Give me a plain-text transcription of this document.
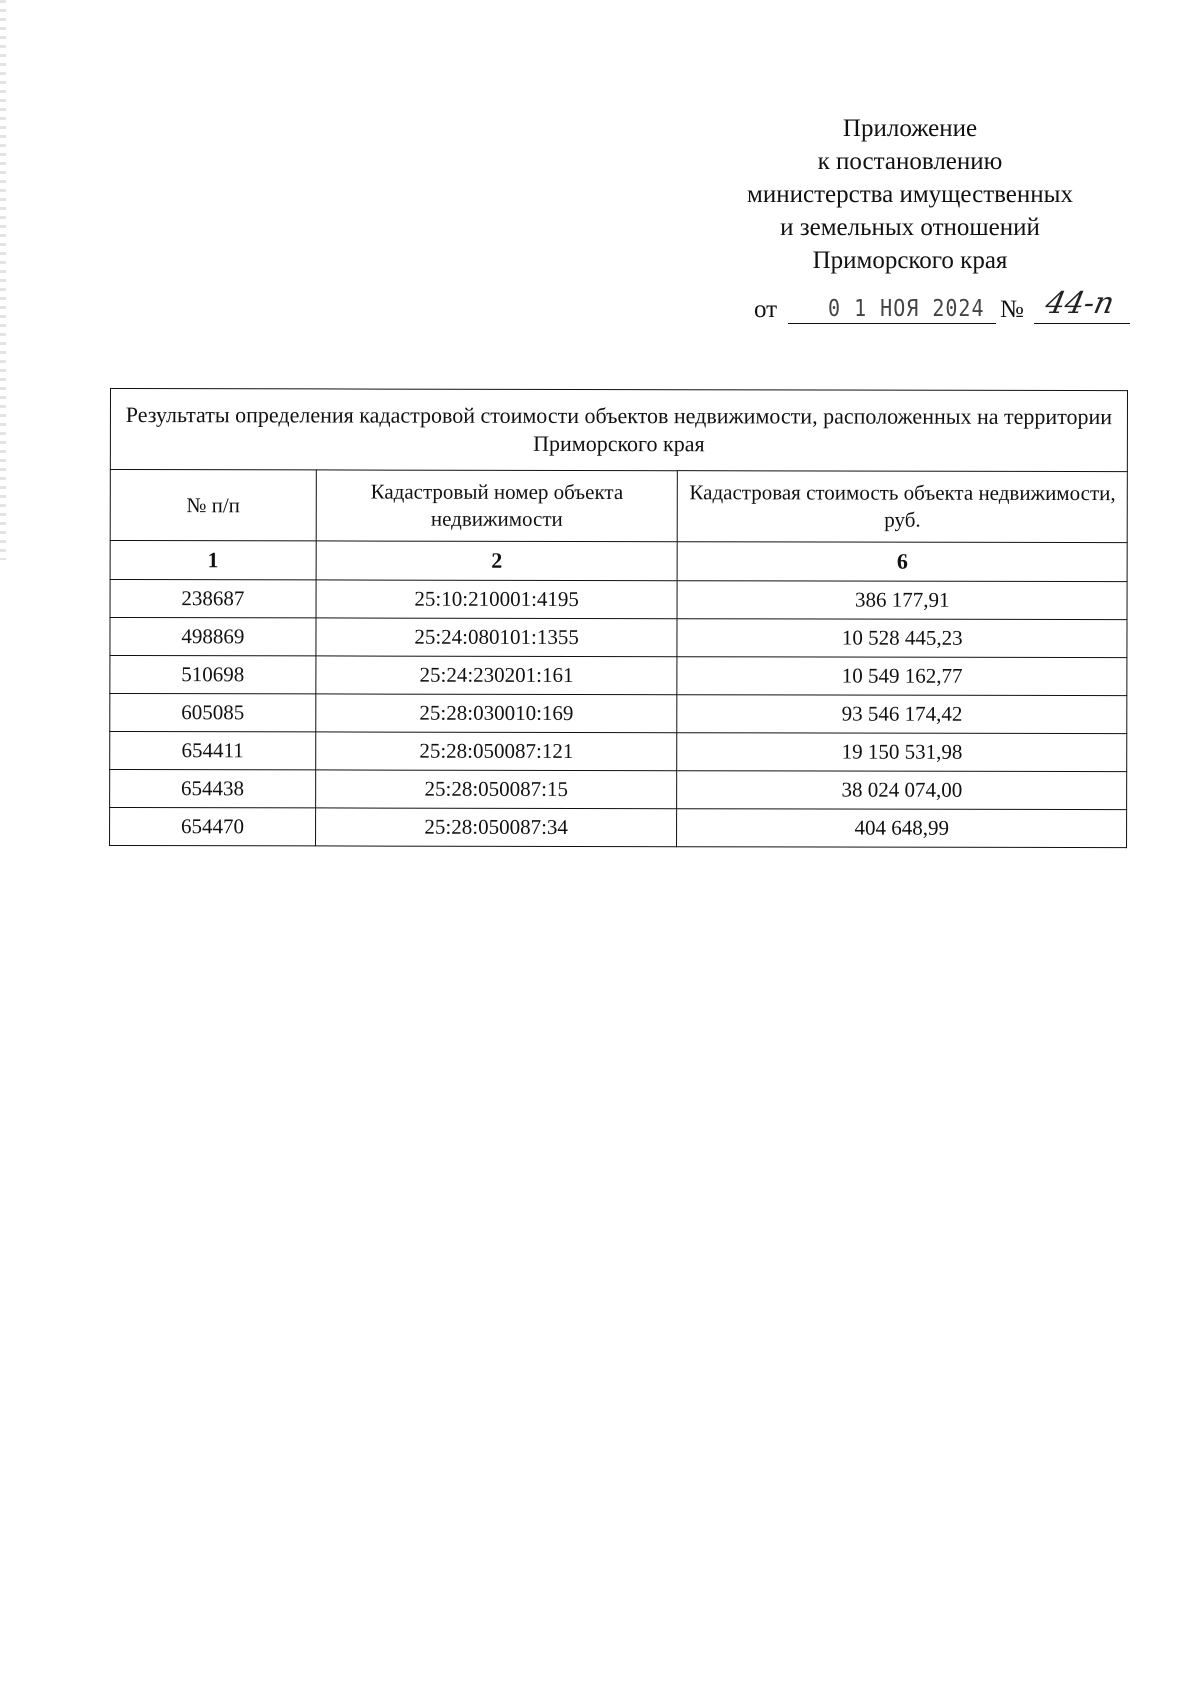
Приложение
к постановлению
министерства имущественных
и земельных отношений
Приморского края
от	0 1 НОЯ 2024 № 44-п
Результаты определения кадастровой стоимости объектов недвижимости, расположенных на территории Приморского края		
№ п/п	Кадастровый номер объекта недвижимости	Кадастровая стоимость объекта недвижимости, руб.
1	2	6
238687	25:10:210001:4195	386 177,91
498869	25:24:080101:1355	10 528 445,23
510698	25:24:230201:161	10 549 162,77
605085	25:28:030010:169	93 546 174,42
654411	25:28:050087:121	19 150 531,98
654438	25:28:050087:15	38 024 074,00
654470	25:28:050087:34	404 648,99
